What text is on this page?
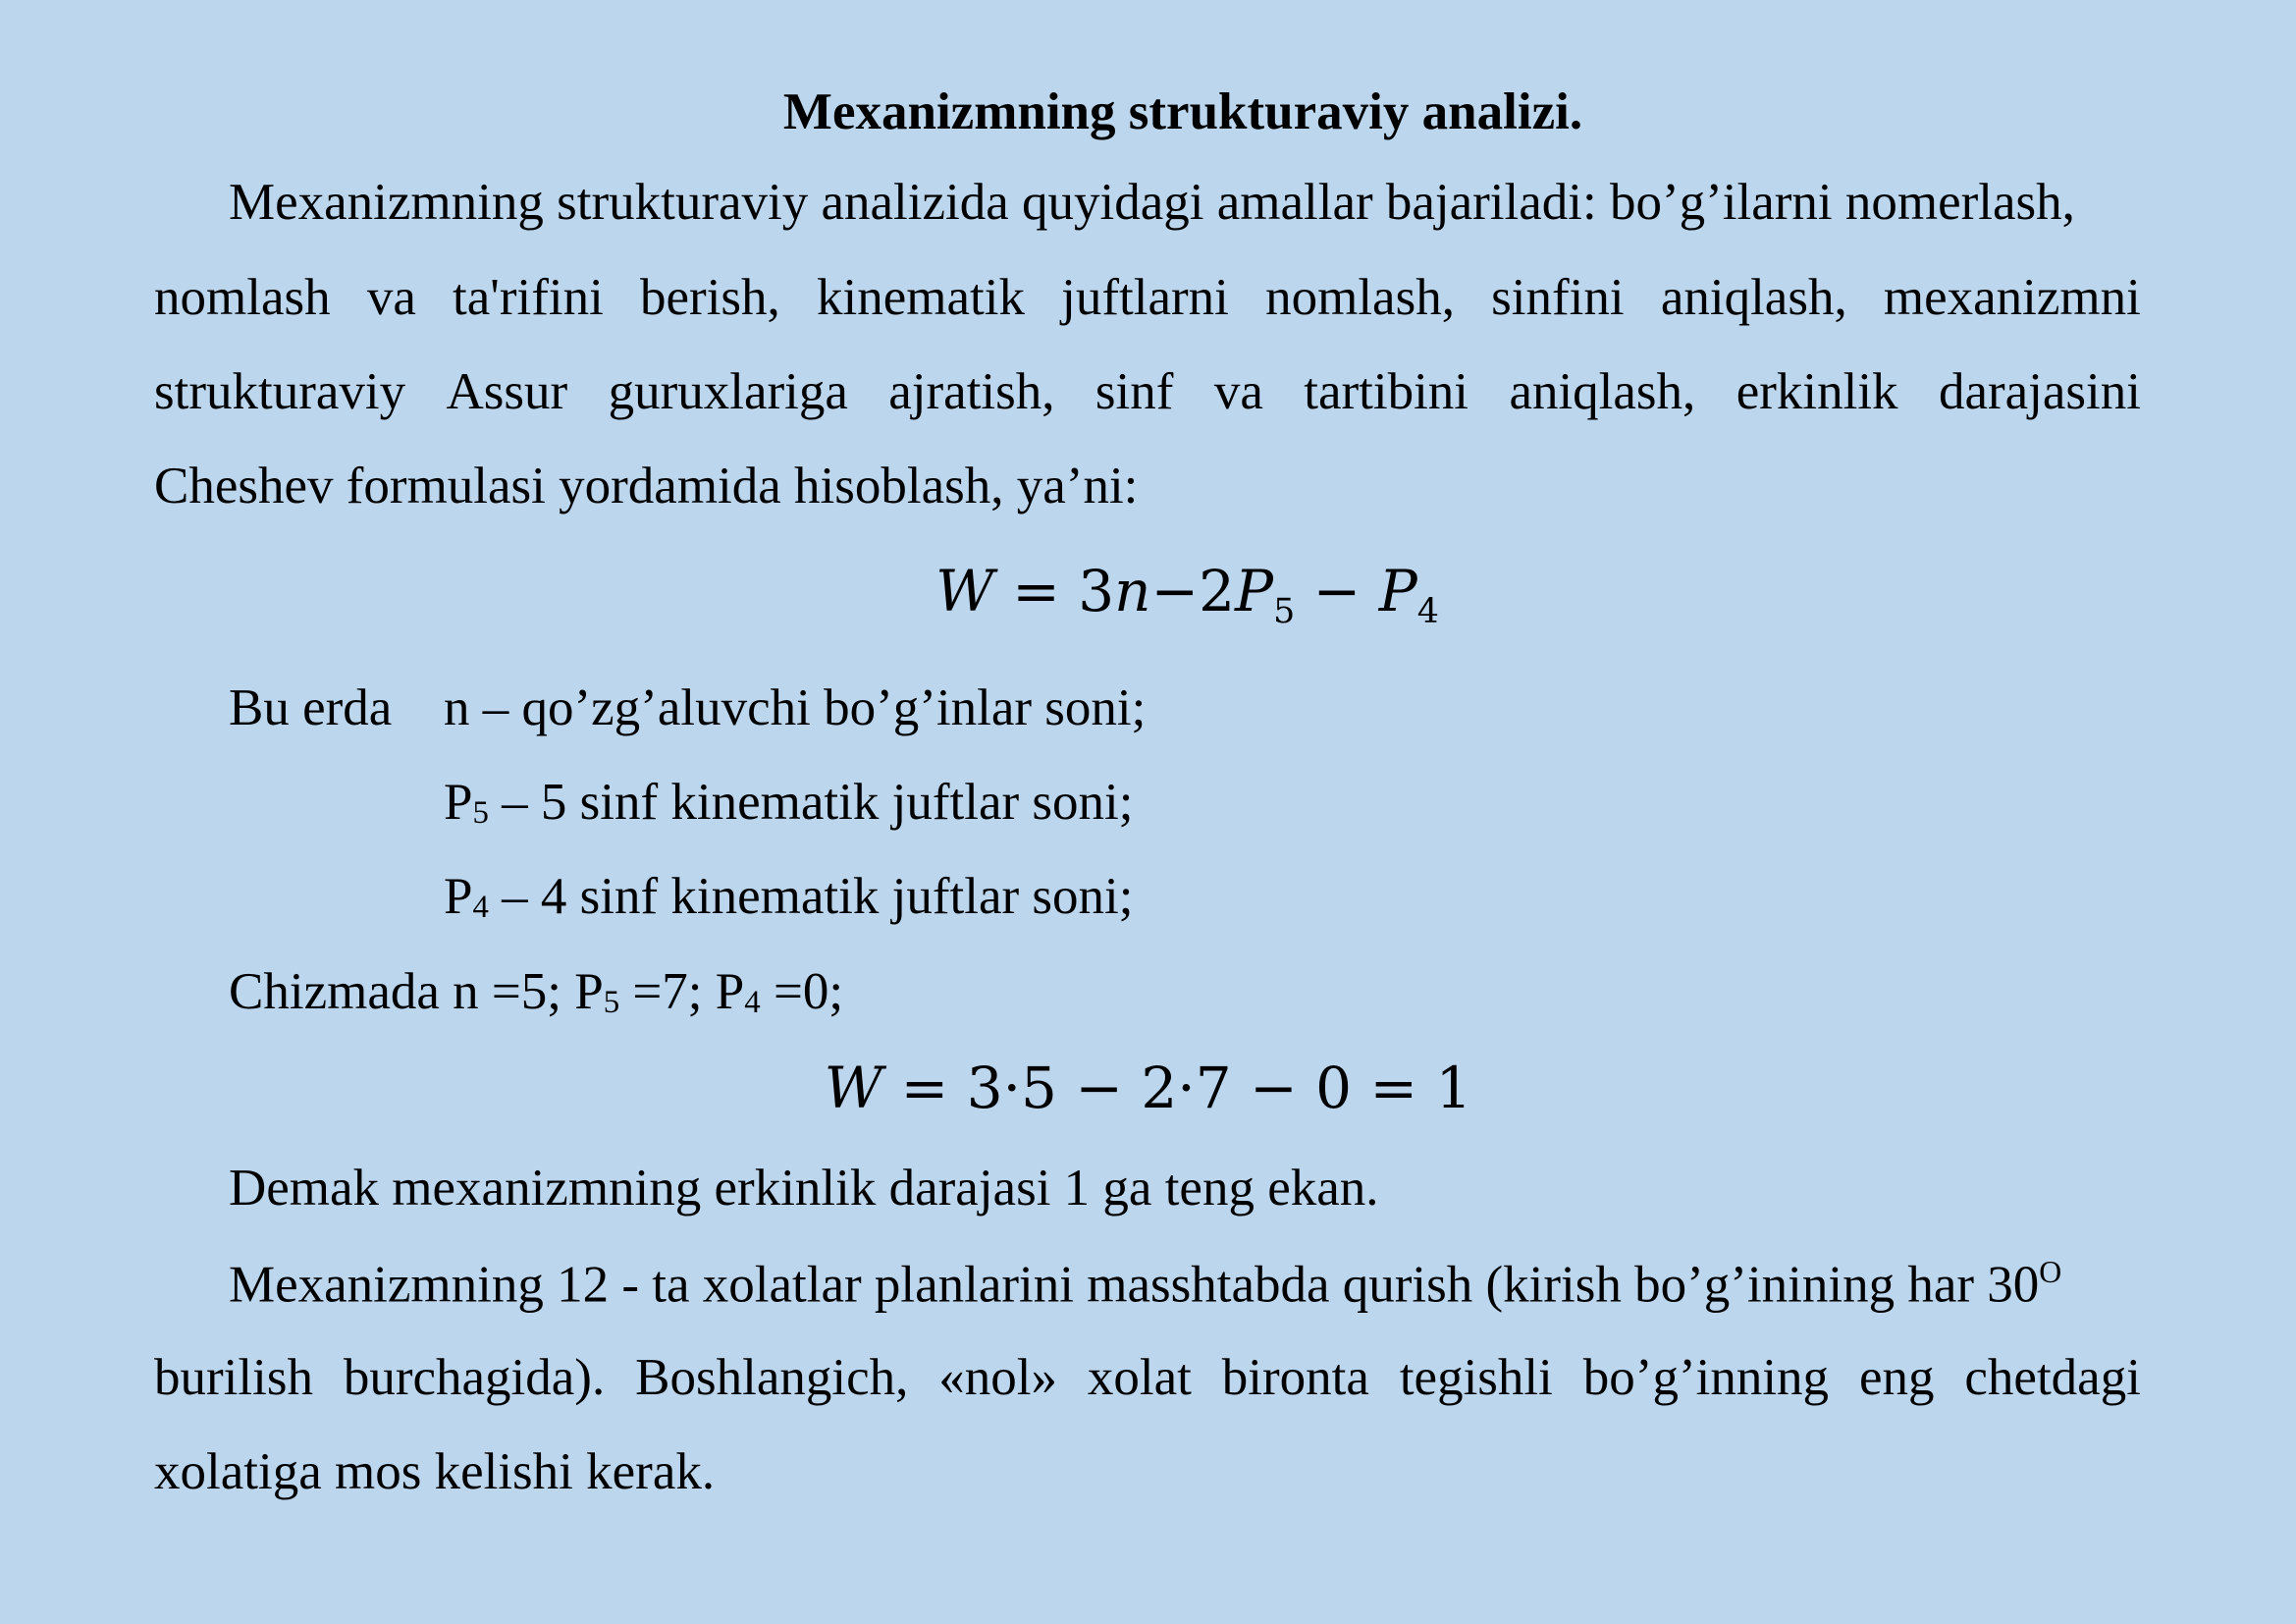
Mexanizmning strukturaviy analizi.
Mexanizmning strukturaviy analizida quyidagi amallar bajariladi: bo’g’ilarni nomerlash,
nomlash va ta'rifini berish, kinematik juftlarni nomlash, sinfini aniqlash, mexanizmni
strukturaviy Assur guruxlariga ajratish, sinf va tartibini aniqlash, erkinlik darajasini
Cheshev formulasi yordamida hisoblash, ya’ni:
$W = 3n-2P_5 - P_4$
Bu erda n – qo’zg’aluvchi bo’g’inlar soni;
P5 – 5 sinf kinematik juftlar soni;
P4 – 4 sinf kinematik juftlar soni;
Chizmada n =5; P5 =7; P4 =0;
W = 3·5 − 2·7 − 0 = 1
Demak mexanizmning erkinlik darajasi 1 ga teng ekan.
Mexanizmning 12 - ta xolatlar planlarini masshtabda qurish (kirish bo’g’inining har $30^O$
burilish burchagida). Boshlangich, «nol» xolat bironta tegishli bo’g’inning eng chetdagi
xolatiga mos kelishi kerak.
